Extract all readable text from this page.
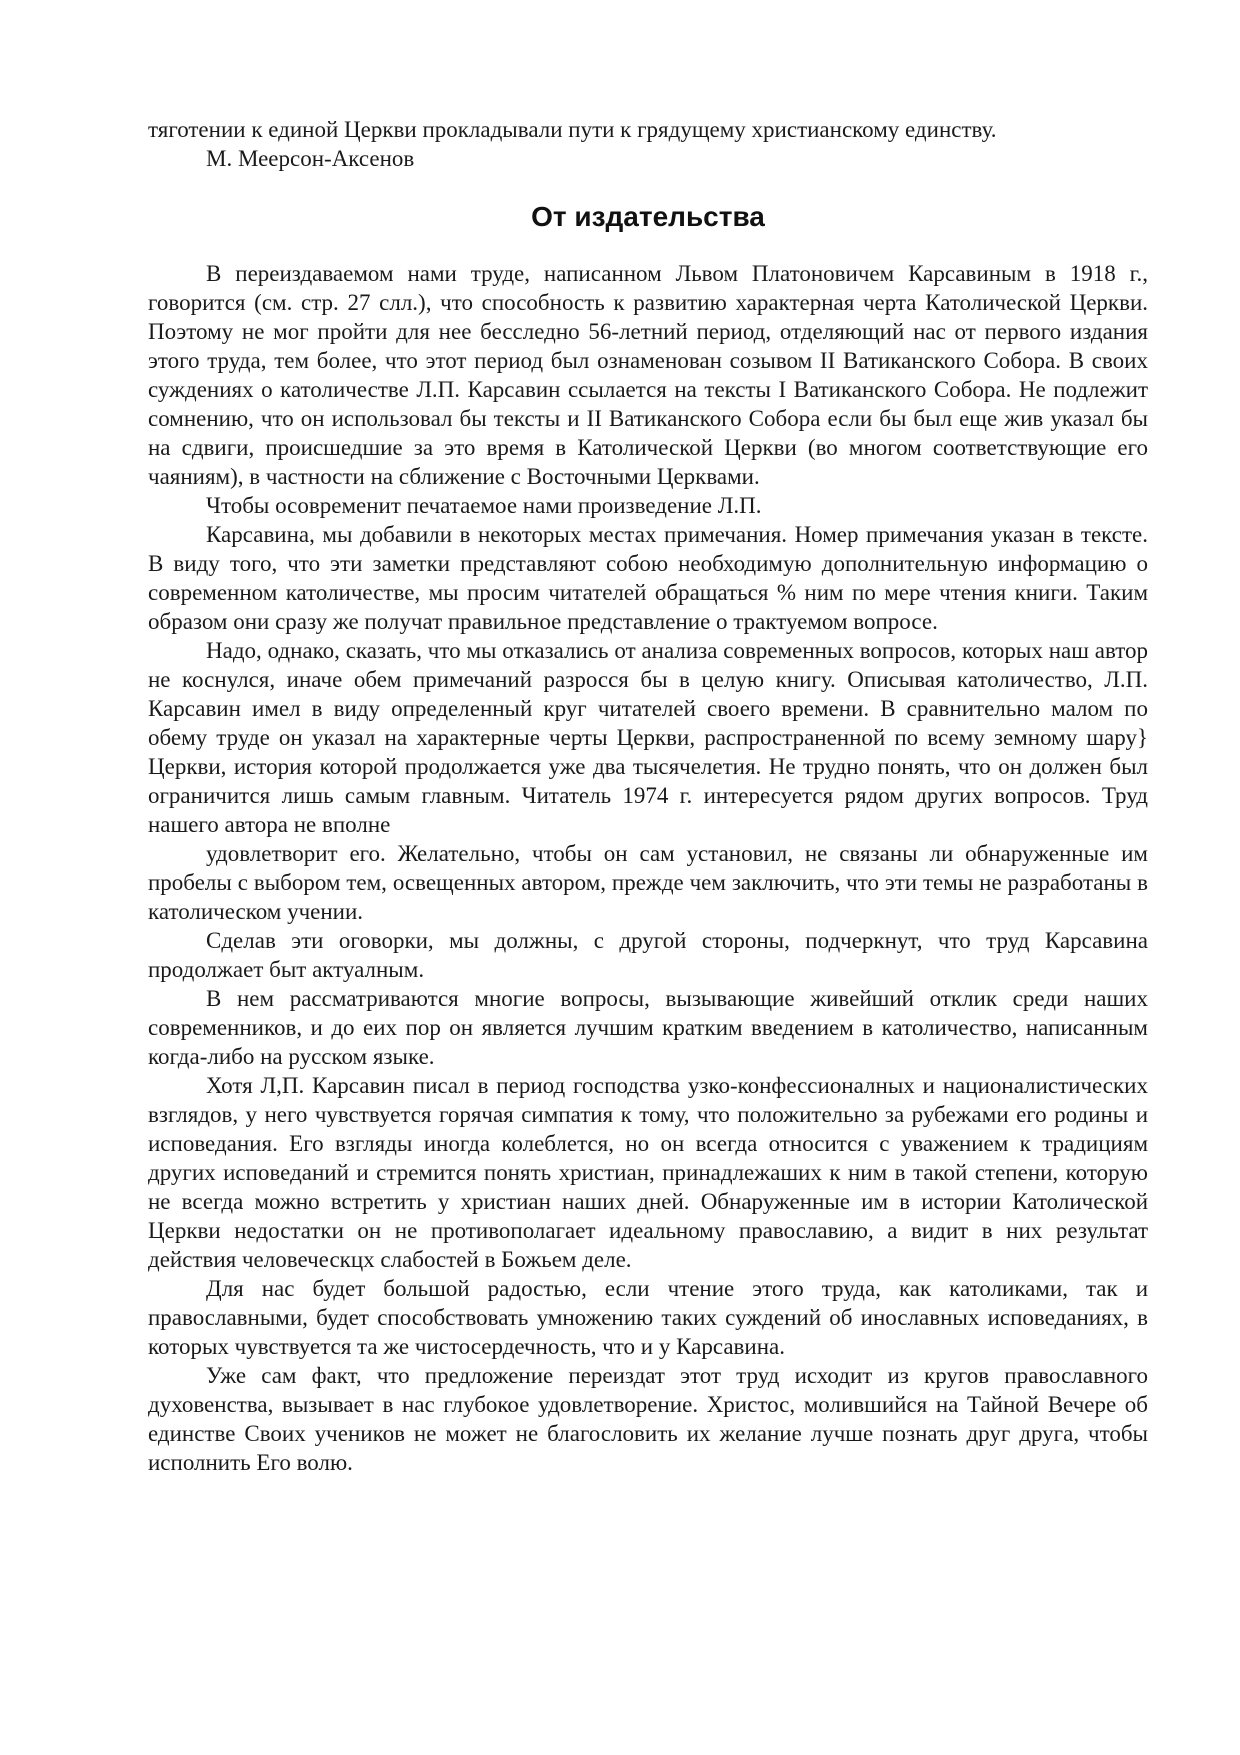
тяготении к единой Церкви прокладывали пути к грядущему христианскому единству.

М. Меерсон-Аксенов

От издательства

В переиздаваемом нами труде, написанном Львом Платоновичем Карсавиным в 1918 г., говорится (см. стр. 27 слл.), что способность к развитию характерная черта Католической Церкви. Поэтому не мог пройти для нее бесследно 56-летний период, отделяющий нас от первого издания этого труда, тем более, что этот период был ознаменован созывом II Ватиканского Собора. В своих суждениях о католичестве Л.П. Карсавин ссылается на тексты I Ватиканского Собора. Не подлежит сомнению, что он использовал бы тексты и II Ватиканского Собора если бы был еще жив указал бы на сдвиги, происшедшие за это время в Католической Церкви (во многом соответствующие его чаяниям), в частности на сближение с Восточными Церквами.

Чтобы осовременит печатаемое нами произведение Л.П.

Карсавина, мы добавили в некоторых местах примечания. Номер примечания указан в тексте. В виду того, что эти заметки представляют собою необходимую дополнительную информацию о современном католичестве, мы просим читателей обращаться % ним по мере чтения книги. Таким образом они сразу же получат правильное представление о трактуемом вопросе.

Надо, однако, сказать, что мы отказались от анализа современных вопросов, которых наш автор не коснулся, иначе обем примечаний разросся бы в целую книгу. Описывая католичество, Л.П. Карсавин имел в виду определенный круг читателей своего времени. В сравнительно малом по обему труде он указал на характерные черты Церкви, распространенной по всему земному шару} Церкви, история которой продолжается уже два тысячелетия. Не трудно понять, что он должен был ограничится лишь самым главным. Читатель 1974 г. интересуется рядом других вопросов. Труд нашего автора не вполне

удовлетворит его. Желательно, чтобы он сам установил, не связаны ли обнаруженные им пробелы с выбором тем, освещенных автором, прежде чем заключить, что эти темы не разработаны в католическом учении.

Сделав эти оговорки, мы должны, с другой стороны, подчеркнут, что труд Карсавина продолжает быт актуалным.

В нем рассматриваются многие вопросы, вызывающие живейший отклик среди наших современников, и до еих пор он является лучшим кратким введением в католичество, написанным когда-либо на русском языке.

Хотя Л,П. Карсавин писал в период господства узко-конфессионалных и националистических взглядов, у него чувствуется горячая симпатия к тому, что положительно за рубежами его родины и исповедания. Его взгляды иногда колеблется, но он всегда относится с уважением к традициям других исповеданий и стремится понять христиан, принадлежаших к ним в такой степени, которую не всегда можно встретить у христиан наших дней. Обнаруженные им в истории Католической Церкви недостатки он не противополагает идеальному православию, а видит в них результат действия человеческцх слабостей в Божьем деле.

Для нас будет большой радостью, если чтение этого труда, как католиками, так и православными, будет способствовать умножению таких суждений об инославных исповеданиях, в которых чувствуется та же чистосердечность, что и у Карсавина.

Уже сам факт, что предложение переиздат этот труд исходит из кругов православного духовенства, вызывает в нас глубокое удовлетворение. Христос, молившийся на Тайной Вечере об единстве Своих учеников не может не благословить их желание лучше познать друг друга, чтобы исполнить Его волю.
